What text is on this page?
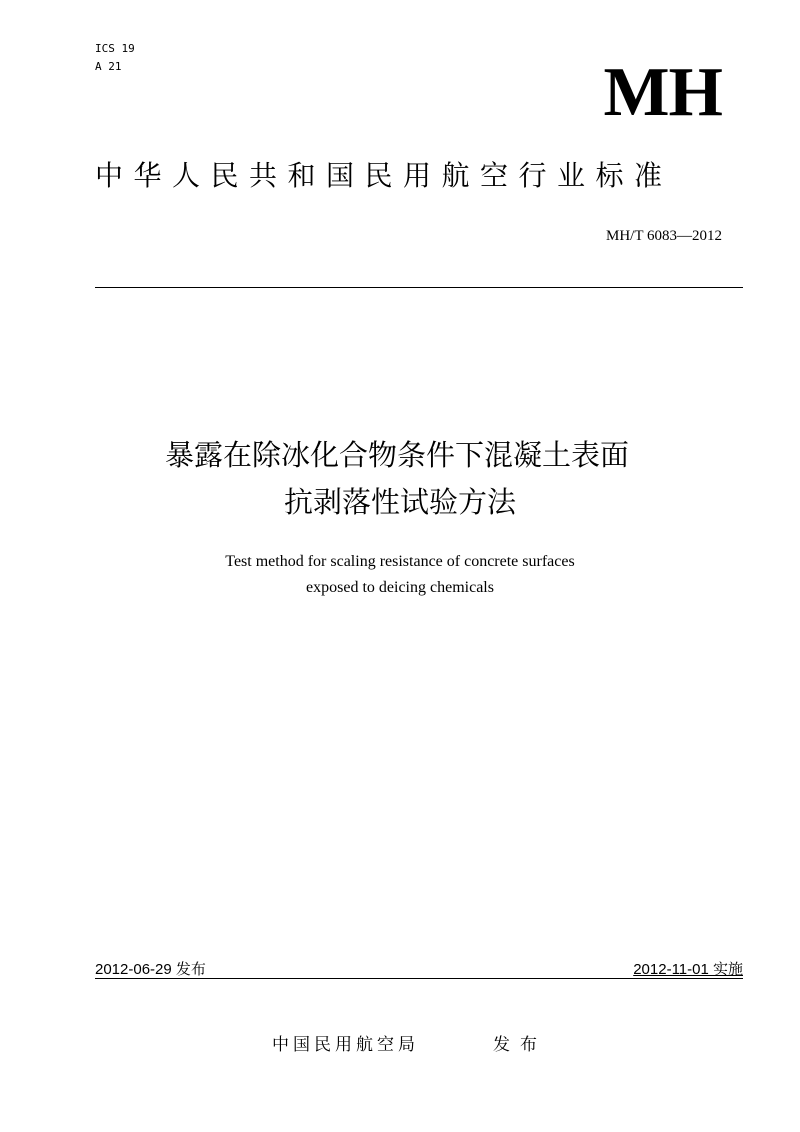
ICS 19
A 21	MH
中华人民共和国民用航空行业标准
MH/T 6083—2012
暴露在除冰化合物条件下混凝土表面
抗剥落性试验方法
Test method for scaling resistance of concrete surfaces
exposed to deicing chemicals
2012-06-29 发布	2012-11-01 实施
中国民用航空局	发布
